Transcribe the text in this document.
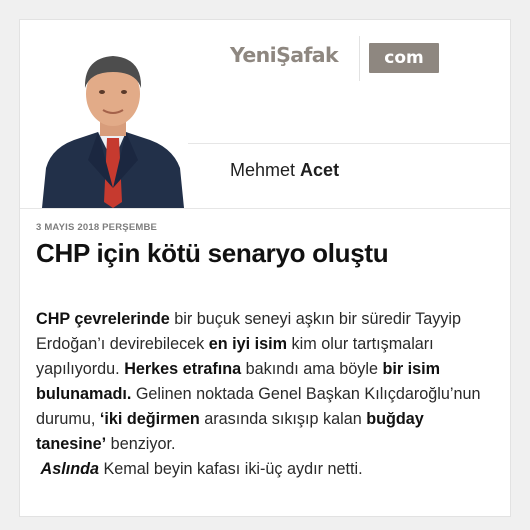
YeniŞafak	com
Mehmet Acet
3 MAYIS 2018 PERŞEMBE
CHP için kötü senaryo oluştu

CHP çevrelerinde bir buçuk seneyi aşkın bir süredir Tayyip Erdoğan’ı devirebilecek en iyi isim kim olur tartışmaları yapılıyordu. Herkes etrafına bakındı ama böyle bir isim bulunamadı. Gelinen noktada Genel Başkan Kılıçdaroğlu’nun durumu, ‘iki değirmen arasında sıkışıp kalan buğday tanesine’ benziyor.
Aslında Kemal beyin kafası iki-üç aydır netti.
